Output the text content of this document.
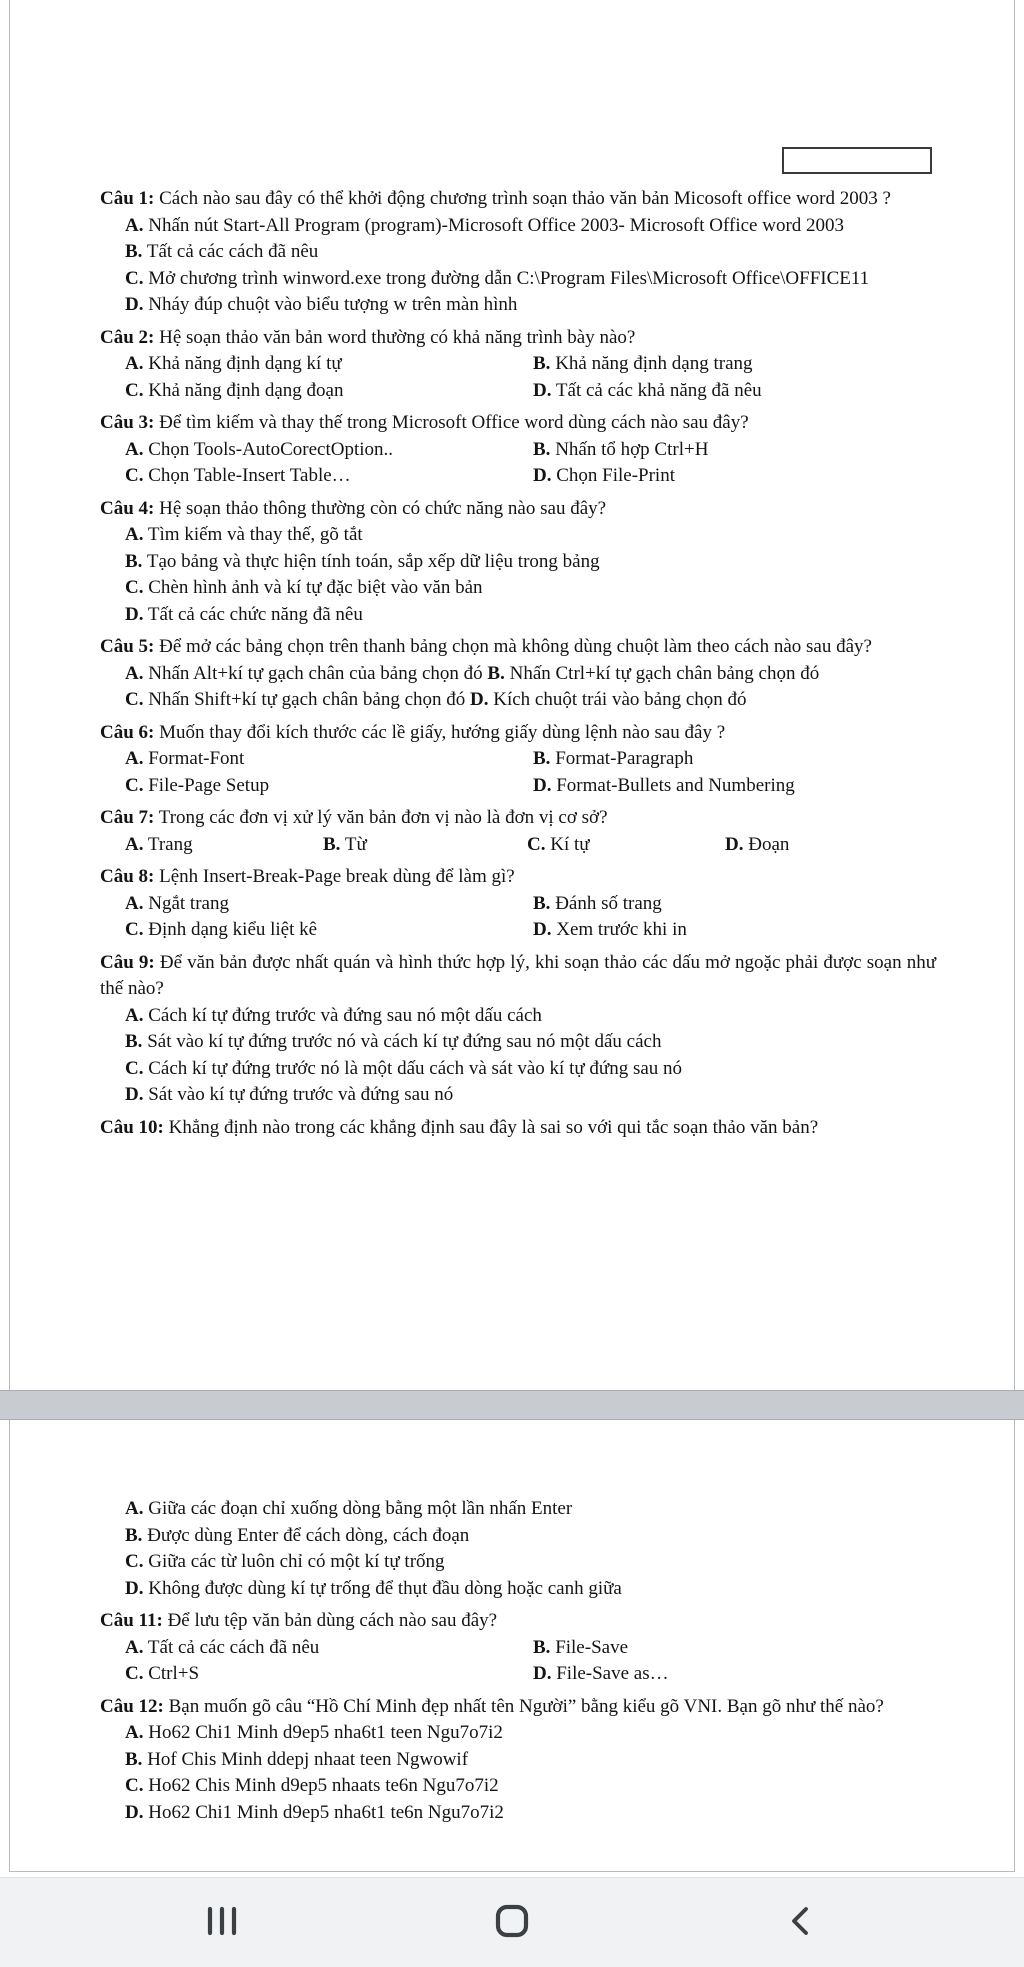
Câu 1: Cách nào sau đây có thể khởi động chương trình soạn thảo văn bản Micosoft office word 2003 ?

A. Nhấn nút Start-All Program (program)-Microsoft Office 2003- Microsoft Office word 2003

B. Tất cả các cách đã nêu

C. Mở chương trình winword.exe trong đường dẫn C:\Program Files\Microsoft Office\OFFICE11

D. Nháy đúp chuột vào biểu tượng w trên màn hình

Câu 2: Hệ soạn thảo văn bản word thường có khả năng trình bày nào?

A. Khả năng định dạng kí tự	B. Khả năng định dạng trang
C. Khả năng định dạng đoạn	D. Tất cả các khả năng đã nêu

Câu 3: Để tìm kiếm và thay thế trong Microsoft Office word dùng cách nào sau đây?

A. Chọn Tools-AutoCorectOption..	B. Nhấn tổ hợp Ctrl+H
C. Chọn Table-Insert Table…	D. Chọn File-Print

Câu 4: Hệ soạn thảo thông thường còn có chức năng nào sau đây?

A. Tìm kiếm và thay thế, gõ tắt

B. Tạo bảng và thực hiện tính toán, sắp xếp dữ liệu trong bảng

C. Chèn hình ảnh và kí tự đặc biệt vào văn bản

D. Tất cả các chức năng đã nêu

Câu 5: Để mở các bảng chọn trên thanh bảng chọn mà không dùng chuột làm theo cách nào sau đây?

A. Nhấn Alt+kí tự gạch chân của bảng chọn đó B. Nhấn Ctrl+kí tự gạch chân bảng chọn đó

C. Nhấn Shift+kí tự gạch chân bảng chọn đó D. Kích chuột trái vào bảng chọn đó

Câu 6: Muốn thay đổi kích thước các lề giấy, hướng giấy dùng lệnh nào sau đây ?

A. Format-Font	B. Format-Paragraph
C. File-Page Setup	D. Format-Bullets and Numbering

Câu 7: Trong các đơn vị xử lý văn bản đơn vị nào là đơn vị cơ sở?

A. Trang	B. Từ	C. Kí tự	D. Đoạn

Câu 8: Lệnh Insert-Break-Page break dùng để làm gì?

A. Ngắt trang	B. Đánh số trang
C. Định dạng kiểu liệt kê	D. Xem trước khi in

Câu 9: Để văn bản được nhất quán và hình thức hợp lý, khi soạn thảo các dấu mở ngoặc phải được soạn như thế nào?

A. Cách kí tự đứng trước và đứng sau nó một dấu cách

B. Sát vào kí tự đứng trước nó và cách kí tự đứng sau nó một dấu cách

C. Cách kí tự đứng trước nó là một dấu cách và sát vào kí tự đứng sau nó

D. Sát vào kí tự đứng trước và đứng sau nó

Câu 10: Khẳng định nào trong các khẳng định sau đây là sai so với qui tắc soạn thảo văn bản?

A. Giữa các đoạn chỉ xuống dòng bằng một lần nhấn Enter

B. Được dùng Enter để cách dòng, cách đoạn

C. Giữa các từ luôn chỉ có một kí tự trống

D. Không được dùng kí tự trống để thụt đầu dòng hoặc canh giữa

Câu 11: Để lưu tệp văn bản dùng cách nào sau đây?

A. Tất cả các cách đã nêu	B. File-Save
C. Ctrl+S	D. File-Save as…

Câu 12: Bạn muốn gõ câu “Hồ Chí Minh đẹp nhất tên Người” bằng kiểu gõ VNI. Bạn gõ như thế nào?

A. Ho62 Chi1 Minh d9ep5 nha6t1 teen Ngu7o7i2

B. Hof Chis Minh ddepj nhaat teen Ngwowif

C. Ho62 Chis Minh d9ep5 nhaats te6n Ngu7o7i2

D. Ho62 Chi1 Minh d9ep5 nha6t1 te6n Ngu7o7i2
